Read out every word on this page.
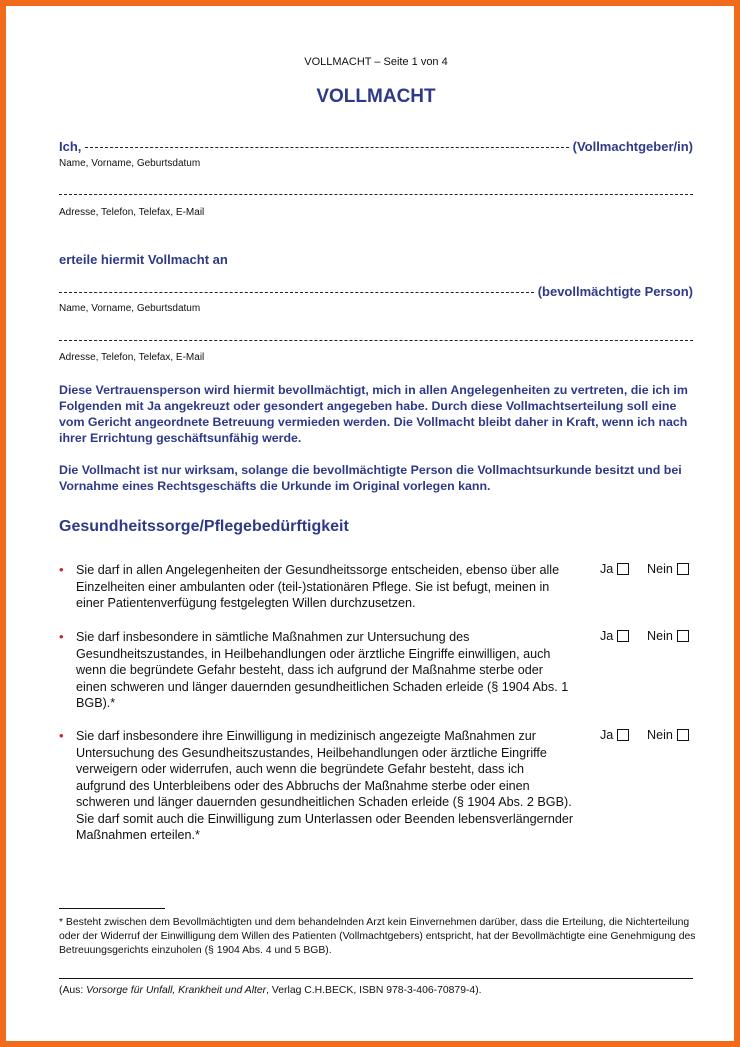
VOLLMACHT – Seite 1 von 4
VOLLMACHT
Ich,	(Vollmachtgeber/in)
Name, Vorname, Geburtsdatum
Adresse, Telefon, Telefax, E-Mail
erteile hiermit Vollmacht an
(bevollmächtigte Person)
Name, Vorname, Geburtsdatum
Adresse, Telefon, Telefax, E-Mail

Diese Vertrauensperson wird hiermit bevollmächtigt, mich in allen Angelegenheiten zu vertreten, die ich im Folgenden mit Ja angekreuzt oder gesondert angegeben habe. Durch diese Vollmachtserteilung soll eine vom Gericht angeordnete Betreuung vermieden werden. Die Vollmacht bleibt daher in Kraft, wenn ich nach ihrer Errichtung geschäftsunfähig werde.

Die Vollmacht ist nur wirksam, solange die bevollmächtigte Person die Vollmachtsurkunde besitzt und bei Vornahme eines Rechtsgeschäfts die Urkunde im Original vorlegen kann.

Gesundheitssorge/Pflegebedürftigkeit
• Sie darf in allen Angelegenheiten der Gesundheitssorge entscheiden, ebenso über alle Einzelheiten einer ambulanten oder (teil-)stationären Pflege. Sie ist befugt, meinen in einer Patientenverfügung festgelegten Willen durchzusetzen.

Ja	Nein
• Sie darf insbesondere in sämtliche Maßnahmen zur Untersuchung des Gesundheitszustandes, in Heilbehandlungen oder ärztliche Eingriffe einwilligen, auch wenn die begründete Gefahr besteht, dass ich aufgrund der Maßnahme sterbe oder einen schweren und länger dauernden gesundheitlichen Schaden erleide (§ 1904 Abs. 1 BGB).*

Ja	Nein
• Sie darf insbesondere ihre Einwilligung in medizinisch angezeigte Maßnahmen zur Untersuchung des Gesundheitszustandes, Heilbehandlungen oder ärztliche Eingriffe verweigern oder widerrufen, auch wenn die begründete Gefahr besteht, dass ich aufgrund des Unterbleibens oder des Abbruchs der Maßnahme sterbe oder einen schweren und länger dauernden gesundheitlichen Schaden erleide (§ 1904 Abs. 2 BGB). Sie darf somit auch die Einwilligung zum Unterlassen oder Beenden lebensverlängernder Maßnahmen erteilen.*

Ja	Nein

* Besteht zwischen dem Bevollmächtigten und dem behandelnden Arzt kein Einvernehmen darüber, dass die Erteilung, die Nichterteilung oder der Widerruf der Einwilligung dem Willen des Patienten (Vollmachtgebers) entspricht, hat der Bevollmächtigte eine Genehmigung des Betreuungsgerichts einzuholen (§ 1904 Abs. 4 und 5 BGB).

(Aus: Vorsorge für Unfall, Krankheit und Alter, Verlag C.H.BECK, ISBN 978-3-406-70879-4).
